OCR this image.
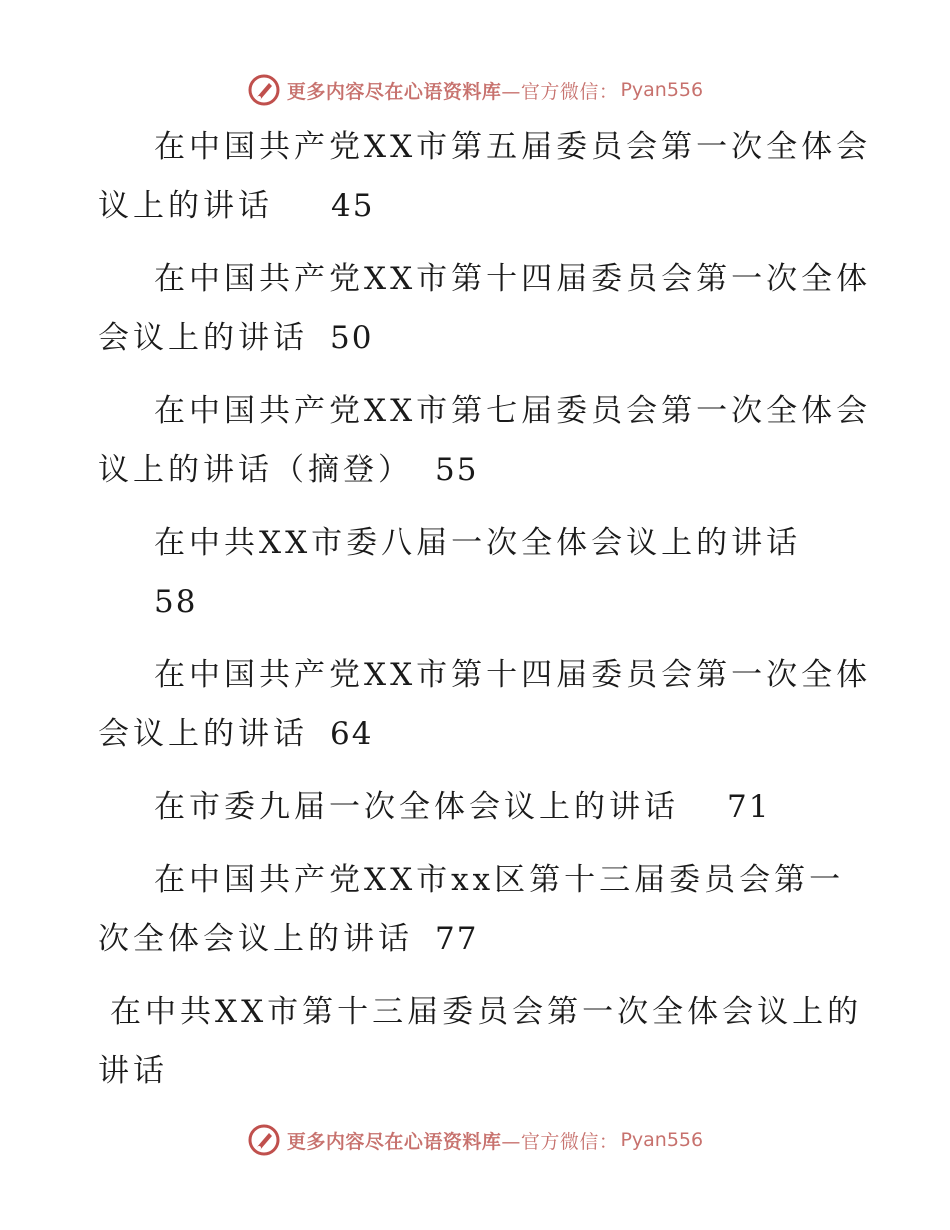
更多内容尽在心语资料库—官方微信： Pyan556
在中国共产党XX市第五届委员会第一次全体会
议上的讲话 45
在中国共产党XX市第十四届委员会第一次全体
会议上的讲话 50
在中国共产党XX市第七届委员会第一次全体会
议上的讲话（摘登） 55
在中共XX市委八届一次全体会议上的讲话
58
在中国共产党XX市第十四届委员会第一次全体
会议上的讲话 64
在市委九届一次全体会议上的讲话 71
在中国共产党XX市xx区第十三届委员会第一
次全体会议上的讲话 77
在中共XX市第十三届委员会第一次全体会议上的
讲话
更多内容尽在心语资料库—官方微信： Pyan556
